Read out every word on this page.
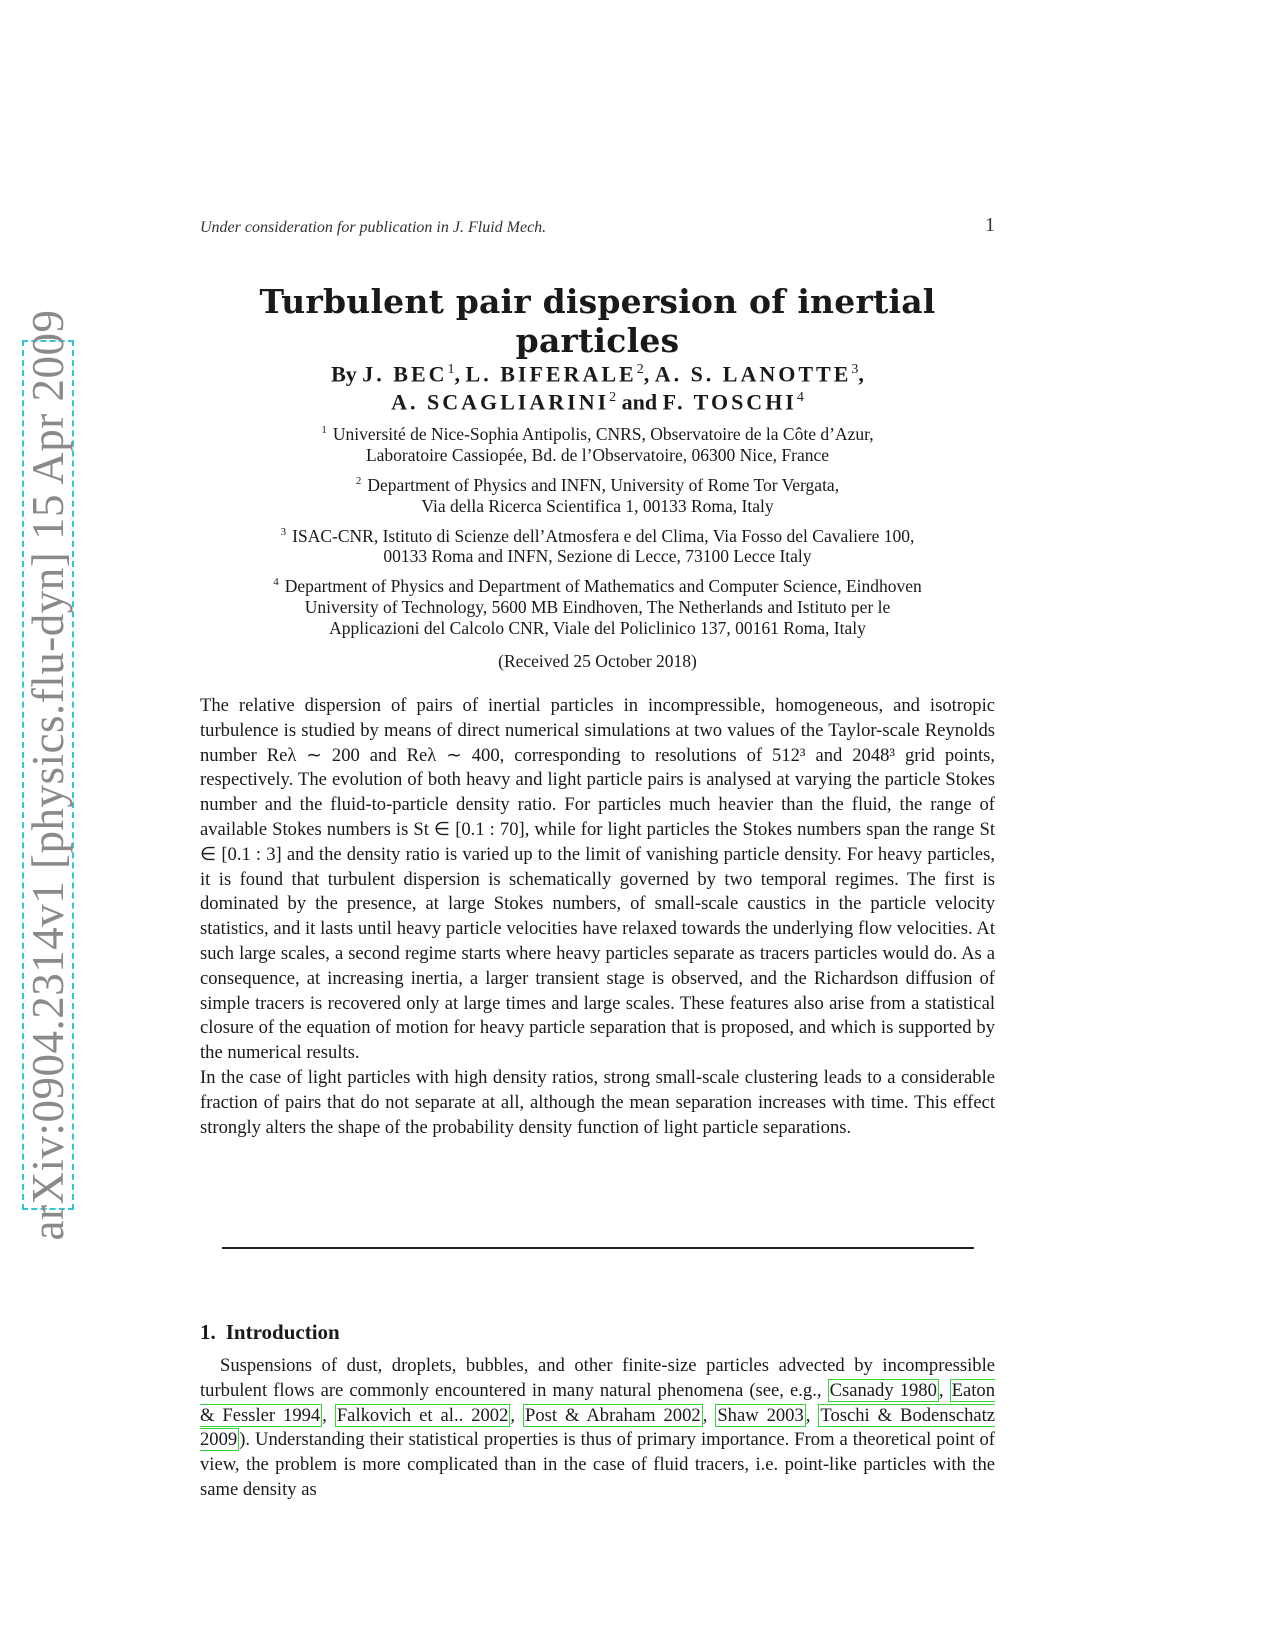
arXiv:0904.2314v1 [physics.flu-dyn] 15 Apr 2009
Under consideration for publication in J. Fluid Mech.	1
Turbulent pair dispersion of inertial particles
By J. BEC$^1$, L. BIFERALE$^2$, A. S. LANOTTE$^3$,
A. SCAGLIARINI$^2$ and F. TOSCHI$^4$
$^1$ Université de Nice-Sophia Antipolis, CNRS, Observatoire de la Côte d’Azur,
Laboratoire Cassiopée, Bd. de l’Observatoire, 06300 Nice, France
$^2$ Department of Physics and INFN, University of Rome Tor Vergata,
Via della Ricerca Scientifica 1, 00133 Roma, Italy
$^3$ ISAC-CNR, Istituto di Scienze dell’Atmosfera e del Clima, Via Fosso del Cavaliere 100,
00133 Roma and INFN, Sezione di Lecce, 73100 Lecce Italy
$^4$ Department of Physics and Department of Mathematics and Computer Science, Eindhoven
University of Technology, 5600 MB Eindhoven, The Netherlands and Istituto per le
Applicazioni del Calcolo CNR, Viale del Policlinico 137, 00161 Roma, Italy
(Received 25 October 2018)

The relative dispersion of pairs of inertial particles in incompressible, homogeneous, and isotropic turbulence is studied by means of direct numerical simulations at two values of the Taylor-scale Reynolds number Reλ ∼ 200 and Reλ ∼ 400, corresponding to resolutions of 512³ and 2048³ grid points, respectively. The evolution of both heavy and light particle pairs is analysed at varying the particle Stokes number and the fluid-to-particle density ratio. For particles much heavier than the fluid, the range of available Stokes numbers is St ∈ [0.1 : 70], while for light particles the Stokes numbers span the range St ∈ [0.1 : 3] and the density ratio is varied up to the limit of vanishing particle density. For heavy particles, it is found that turbulent dispersion is schematically governed by two temporal regimes. The first is dominated by the presence, at large Stokes numbers, of small-scale caustics in the particle velocity statistics, and it lasts until heavy particle velocities have relaxed towards the underlying flow velocities. At such large scales, a second regime starts where heavy particles separate as tracers particles would do. As a consequence, at increasing inertia, a larger transient stage is observed, and the Richardson diffusion of simple tracers is recovered only at large times and large scales. These features also arise from a statistical closure of the equation of motion for heavy particle separation that is proposed, and which is supported by the numerical results.

In the case of light particles with high density ratios, strong small-scale clustering leads to a considerable fraction of pairs that do not separate at all, although the mean separation increases with time. This effect strongly alters the shape of the probability density function of light particle separations.

1. Introduction

Suspensions of dust, droplets, bubbles, and other finite-size particles advected by incompressible turbulent flows are commonly encountered in many natural phenomena (see, e.g., Csanady 1980 , Eaton & Fessler 1994 , Falkovich et al.. 2002 , Post & Abraham 2002 , Shaw 2003 , Toschi & Bodenschatz 2009 ). Understanding their statistical properties is thus of primary importance. From a theoretical point of view, the problem is more complicated than in the case of fluid tracers, i.e. point-like particles with the same density as
